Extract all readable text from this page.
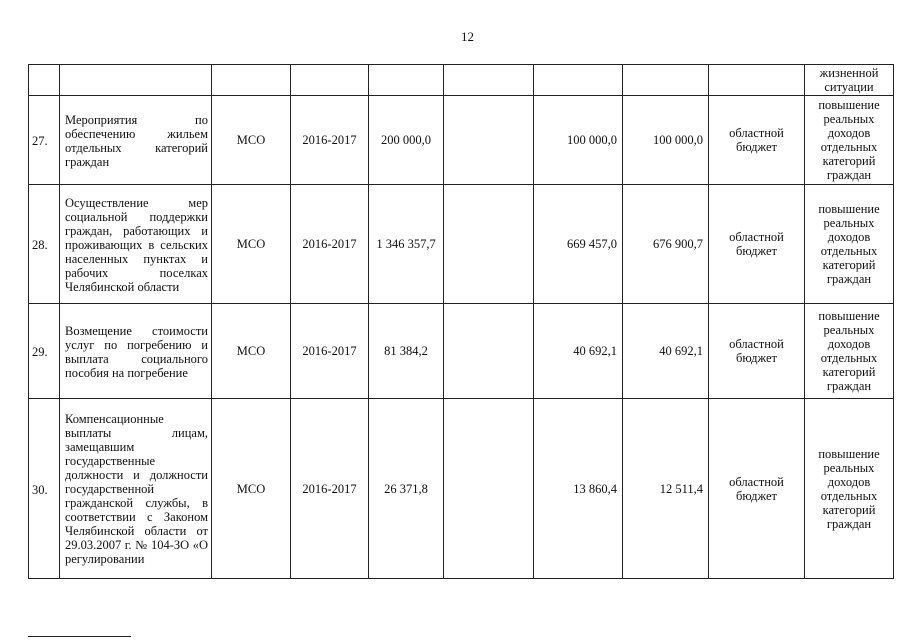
12
									жизненной ситуации
27.	Мероприятия по обеспечению жильем отдельных категорий граждан	МСО	2016-2017	200 000,0		100 000,0	100 000,0	областной бюджет	повышение реальных доходов отдельных категорий граждан
28.	Осуществление мер социальной поддержки граждан, работающих и проживающих в сельских населенных пунктах и рабочих поселках Челябинской области	МСО	2016-2017	1 346 357,7		669 457,0	676 900,7	областной бюджет	повышение реальных доходов отдельных категорий граждан
29.	Возмещение стоимости услуг по погребению и выплата социального пособия на погребение	МСО	2016-2017	81 384,2		40 692,1	40 692,1	областной бюджет	повышение реальных доходов отдельных категорий граждан
30.	Компенсационные выплаты лицам, замещавшим государственные должности и должности государственной гражданской службы, в соответствии с Законом Челябинской области от 29.03.2007 г. № 104-ЗО «О регулировании	МСО	2016-2017	26 371,8		13 860,4	12 511,4	областной бюджет	повышение реальных доходов отдельных категорий граждан
